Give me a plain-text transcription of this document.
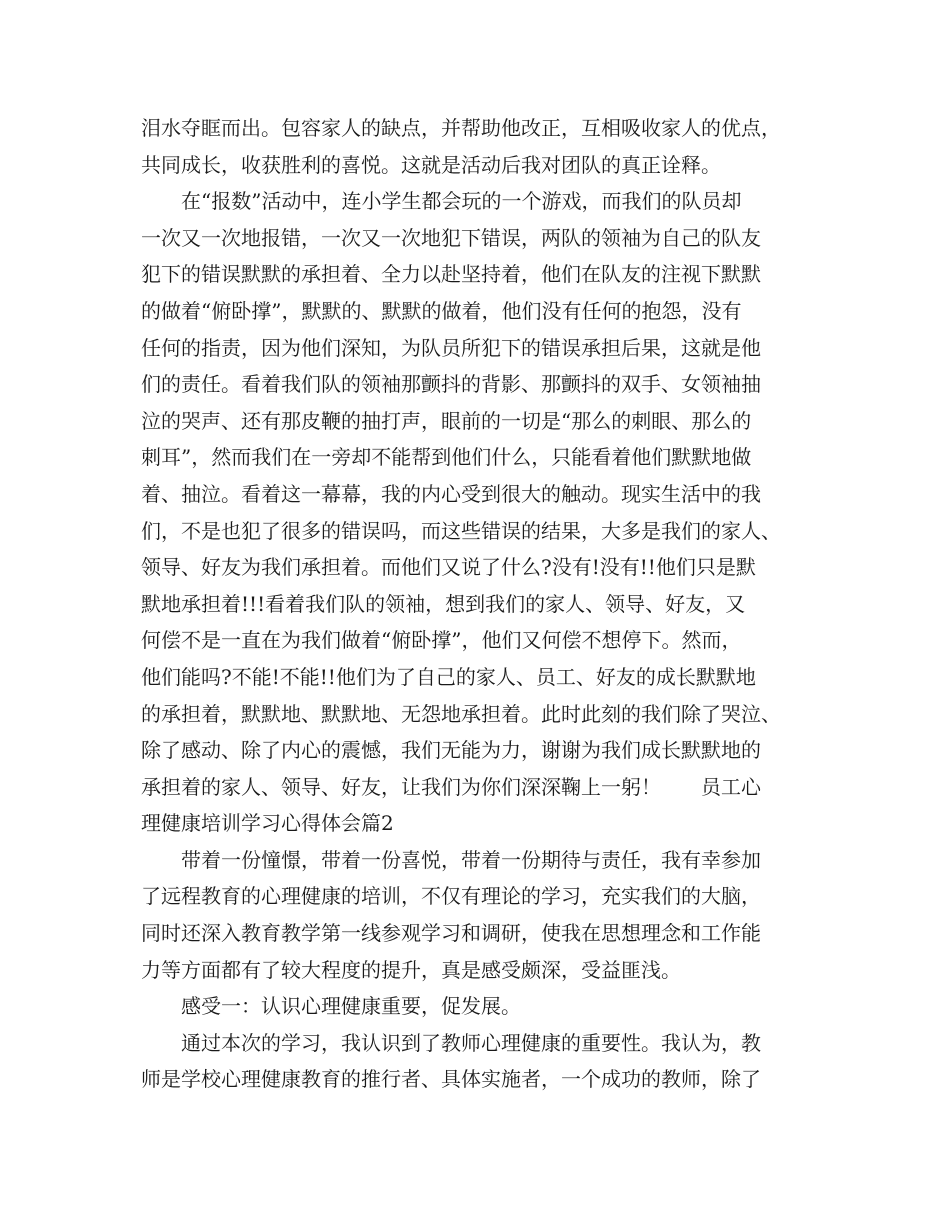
泪水夺眶而出。包容家人的缺点，并帮助他改正，互相吸收家人的优点，
共同成长，收获胜利的喜悦。这就是活动后我对团队的真正诠释。
　　在“报数”活动中，连小学生都会玩的一个游戏，而我们的队员却
一次又一次地报错，一次又一次地犯下错误，两队的领袖为自己的队友
犯下的错误默默的承担着、全力以赴坚持着，他们在队友的注视下默默
的做着“俯卧撑”，默默的、默默的做着，他们没有任何的抱怨，没有
任何的指责，因为他们深知，为队员所犯下的错误承担后果，这就是他
们的责任。看着我们队的领袖那颤抖的背影、那颤抖的双手、女领袖抽
泣的哭声、还有那皮鞭的抽打声，眼前的一切是“那么的刺眼、那么的
刺耳”，然而我们在一旁却不能帮到他们什么，只能看着他们默默地做
着、抽泣。看着这一幕幕，我的内心受到很大的触动。现实生活中的我
们，不是也犯了很多的错误吗，而这些错误的结果，大多是我们的家人、
领导、好友为我们承担着。而他们又说了什么?没有!没有!!他们只是默
默地承担着!!!看着我们队的领袖，想到我们的家人、领导、好友，又
何偿不是一直在为我们做着“俯卧撑”，他们又何偿不想停下。然而，
他们能吗?不能!不能!!他们为了自己的家人、员工、好友的成长默默地
的承担着，默默地、默默地、无怨地承担着。此时此刻的我们除了哭泣、
除了感动、除了内心的震憾，我们无能为力，谢谢为我们成长默默地的
承担着的家人、领导、好友，让我们为你们深深鞠上一躬！　　员工心
理健康培训学习心得体会篇2
　　带着一份憧憬，带着一份喜悦，带着一份期待与责任，我有幸参加
了远程教育的心理健康的培训，不仅有理论的学习，充实我们的大脑，
同时还深入教育教学第一线参观学习和调研，使我在思想理念和工作能
力等方面都有了较大程度的提升，真是感受颇深，受益匪浅。
　　感受一：认识心理健康重要，促发展。
　　通过本次的学习，我认识到了教师心理健康的重要性。我认为，教
师是学校心理健康教育的推行者、具体实施者，一个成功的教师，除了
